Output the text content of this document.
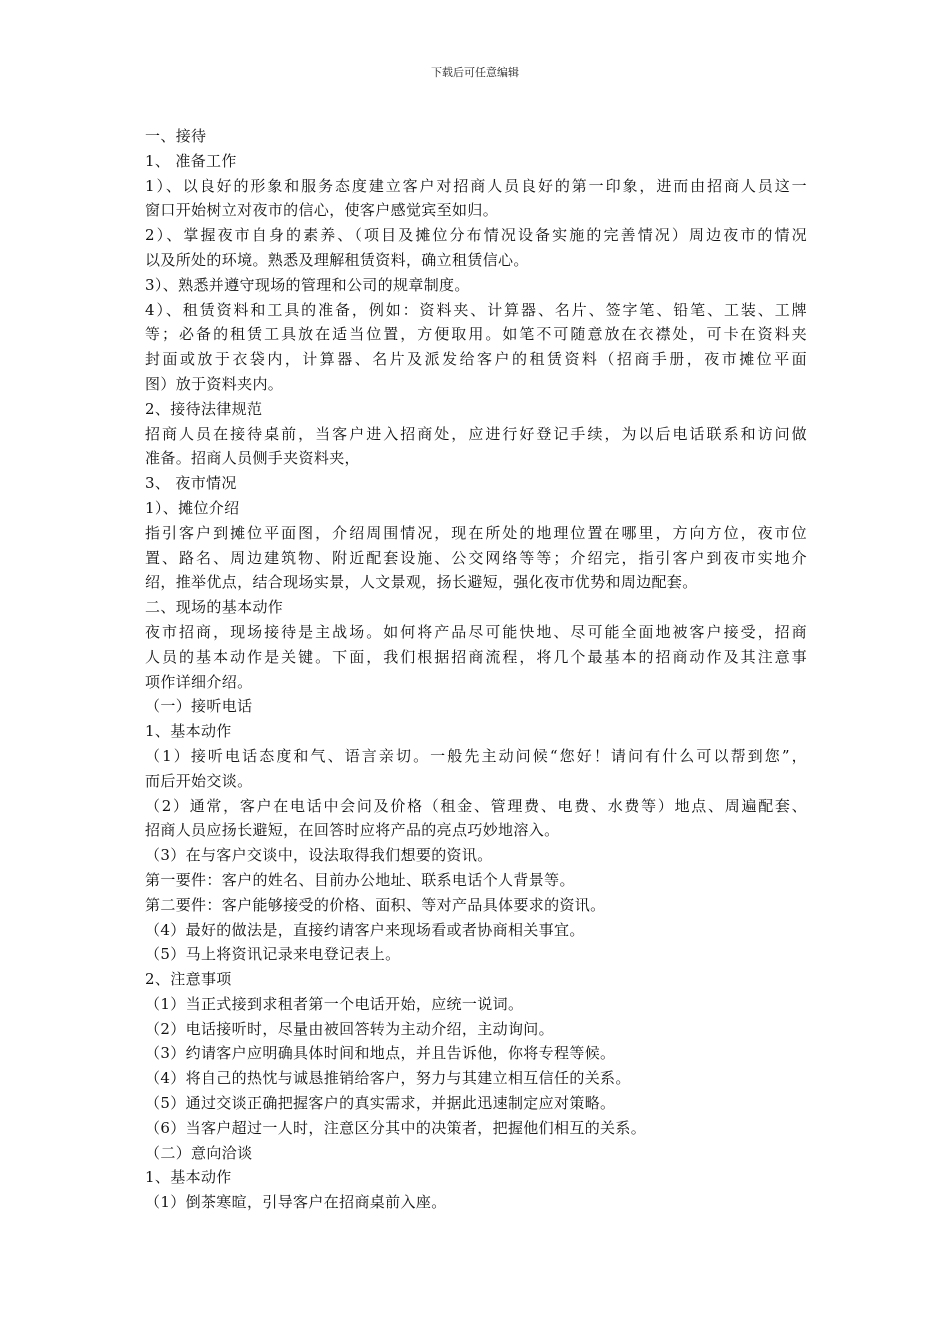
下载后可任意编辑
一、接待
1、 准备工作
1）、以良好的形象和服务态度建立客户对招商人员良好的第一印象，进而由招商人员这一
窗口开始树立对夜市的信心，使客户感觉宾至如归。
2）、掌握夜市自身的素养、（项目及摊位分布情况设备实施的完善情况）周边夜市的情况
以及所处的环境。熟悉及理解租赁资料，确立租赁信心。
3）、熟悉并遵守现场的管理和公司的规章制度。
4）、租赁资料和工具的准备，例如：资料夹、计算器、名片、签字笔、铅笔、工装、工牌
等；必备的租赁工具放在适当位置，方便取用。如笔不可随意放在衣襟处，可卡在资料夹
封面或放于衣袋内，计算器、名片及派发给客户的租赁资料（招商手册，夜市摊位平面
图）放于资料夹内。
2、接待法律规范
招商人员在接待桌前，当客户进入招商处，应进行好登记手续，为以后电话联系和访问做
准备。招商人员侧手夹资料夹，
3、 夜市情况
1）、摊位介绍
指引客户到摊位平面图，介绍周围情况，现在所处的地理位置在哪里，方向方位，夜市位
置、路名、周边建筑物、附近配套设施、公交网络等等；介绍完，指引客户到夜市实地介
绍，推举优点，结合现场实景，人文景观，扬长避短，强化夜市优势和周边配套。
二、现场的基本动作
夜市招商，现场接待是主战场。如何将产品尽可能快地、尽可能全面地被客户接受，招商
人员的基本动作是关键。下面，我们根据招商流程，将几个最基本的招商动作及其注意事
项作详细介绍。
（一）接听电话
1、基本动作
（1）接听电话态度和气、语言亲切。一般先主动问候“您好！请问有什么可以帮到您”，
而后开始交谈。
（2）通常，客户在电话中会问及价格（租金、管理费、电费、水费等）地点、周遍配套、
招商人员应扬长避短，在回答时应将产品的亮点巧妙地溶入。
（3）在与客户交谈中，设法取得我们想要的资讯。
第一要件：客户的姓名、目前办公地址、联系电话个人背景等。
第二要件：客户能够接受的价格、面积、等对产品具体要求的资讯。
（4）最好的做法是，直接约请客户来现场看或者协商相关事宜。
（5）马上将资讯记录来电登记表上。
2、注意事项
（1）当正式接到求租者第一个电话开始，应统一说词。
（2）电话接听时，尽量由被回答转为主动介绍，主动询问。
（3）约请客户应明确具体时间和地点，并且告诉他，你将专程等候。
（4）将自己的热忱与诚恳推销给客户，努力与其建立相互信任的关系。
（5）通过交谈正确把握客户的真实需求，并据此迅速制定应对策略。
（6）当客户超过一人时，注意区分其中的决策者，把握他们相互的关系。
（二）意向洽谈
1、基本动作
（1）倒茶寒暄，引导客户在招商桌前入座。
